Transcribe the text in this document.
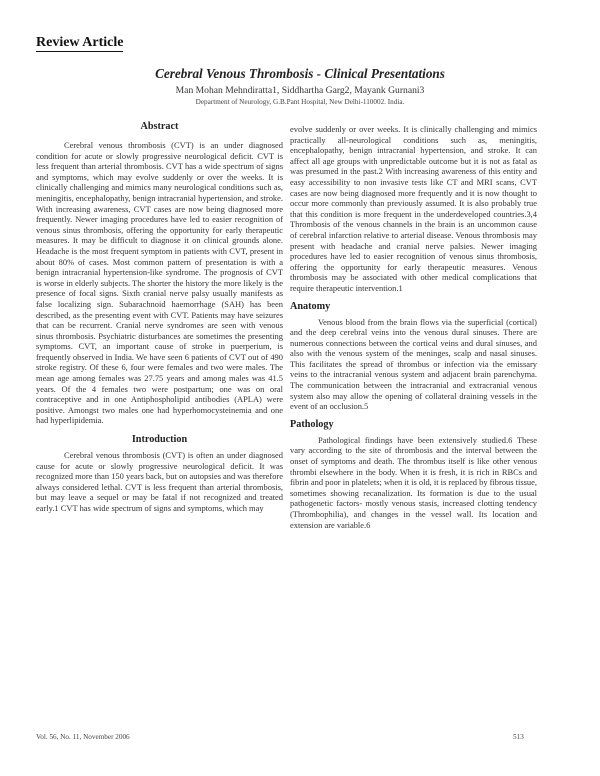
Review Article
Cerebral Venous Thrombosis - Clinical Presentations
Man Mohan Mehndiratta1, Siddhartha Garg2, Mayank Gurnani3
Department of Neurology, G.B.Pant Hospital, New Delhi-110002. India.
Abstract

Cerebral venous thrombosis (CVT) is an under diagnosed condition for acute or slowly progressive neurological deficit. CVT is less frequent than arterial thrombosis. CVT has a wide spectrum of signs and symptoms, which may evolve suddenly or over the weeks. It is clinically challenging and mimics many neurological conditions such as, meningitis, encephalopathy, benign intracranial hypertension, and stroke. With increasing awareness, CVT cases are now being diagnosed more frequently. Newer imaging procedures have led to easier recognition of venous sinus thrombosis, offering the opportunity for early therapeutic measures. It may be difficult to diagnose it on clinical grounds alone. Headache is the most frequent symptom in patients with CVT, present in about 80% of cases. Most common pattern of presentation is with a benign intracranial hypertension-like syndrome. The prognosis of CVT is worse in elderly subjects. The shorter the history the more likely is the presence of focal signs. Sixth cranial nerve palsy usually manifests as false localizing sign. Subarachnoid haemorrhage (SAH) has been described, as the presenting event with CVT. Patients may have seizures that can be recurrent. Cranial nerve syndromes are seen with venous sinus thrombosis. Psychiatric disturbances are sometimes the presenting symptoms. CVT, an important cause of stroke in puerperium, is frequently observed in India. We have seen 6 patients of CVT out of 490 stroke registry. Of these 6, four were females and two were males. The mean age among females was 27.75 years and among males was 41.5 years. Of the 4 females two were postpartum; one was on oral contraceptive and in one Antiphospholipid antibodies (APLA) were positive. Amongst two males one had hyperhomocysteinemia and one had hyperlipidemia.

Introduction

Cerebral venous thrombosis (CVT) is often an under diagnosed cause for acute or slowly progressive neurological deficit. It was recognized more than 150 years back, but on autopsies and was therefore always considered lethal. CVT is less frequent than arterial thrombosis, but may leave a sequel or may be fatal if not recognized and treated early.1 CVT has wide spectrum of signs and symptoms, which may

evolve suddenly or over weeks. It is clinically challenging and mimics practically all-neurological conditions such as, meningitis, encephalopathy, benign intracranial hypertension, and stroke. It can affect all age groups with unpredictable outcome but it is not as fatal as was presumed in the past.2 With increasing awareness of this entity and easy accessibility to non invasive tests like CT and MRI scans, CVT cases are now being diagnosed more frequently and it is now thought to occur more commonly than previously assumed. It is also probably true that this condition is more frequent in the underdeveloped countries.3,4 Thrombosis of the venous channels in the brain is an uncommon cause of cerebral infarction relative to arterial disease. Venous thrombosis may present with headache and cranial nerve palsies. Newer imaging procedures have led to easier recognition of venous sinus thrombosis, offering the opportunity for early therapeutic measures. Venous thrombosis may be associated with other medical complications that require therapeutic intervention.1

Anatomy

Venous blood from the brain flows via the superficial (cortical) and the deep cerebral veins into the venous dural sinuses. There are numerous connections between the cortical veins and dural sinuses, and also with the venous system of the meninges, scalp and nasal sinuses. This facilitates the spread of thrombus or infection via the emissary veins to the intracranial venous system and adjacent brain parenchyma. The communication between the intracranial and extracranial venous system also may allow the opening of collateral draining vessels in the event of an occlusion.5

Pathology

Pathological findings have been extensively studied.6 These vary according to the site of thrombosis and the interval between the onset of symptoms and death. The thrombus itself is like other venous thrombi elsewhere in the body. When it is fresh, it is rich in RBCs and fibrin and poor in platelets; when it is old, it is replaced by fibrous tissue, sometimes showing recanalization. Its formation is due to the usual pathogenetic factors- mostly venous stasis, increased clotting tendency (Thrombophilia), and changes in the vessel wall. Its location and extension are variable.6

Vol. 56, No. 11, November 2006	513
